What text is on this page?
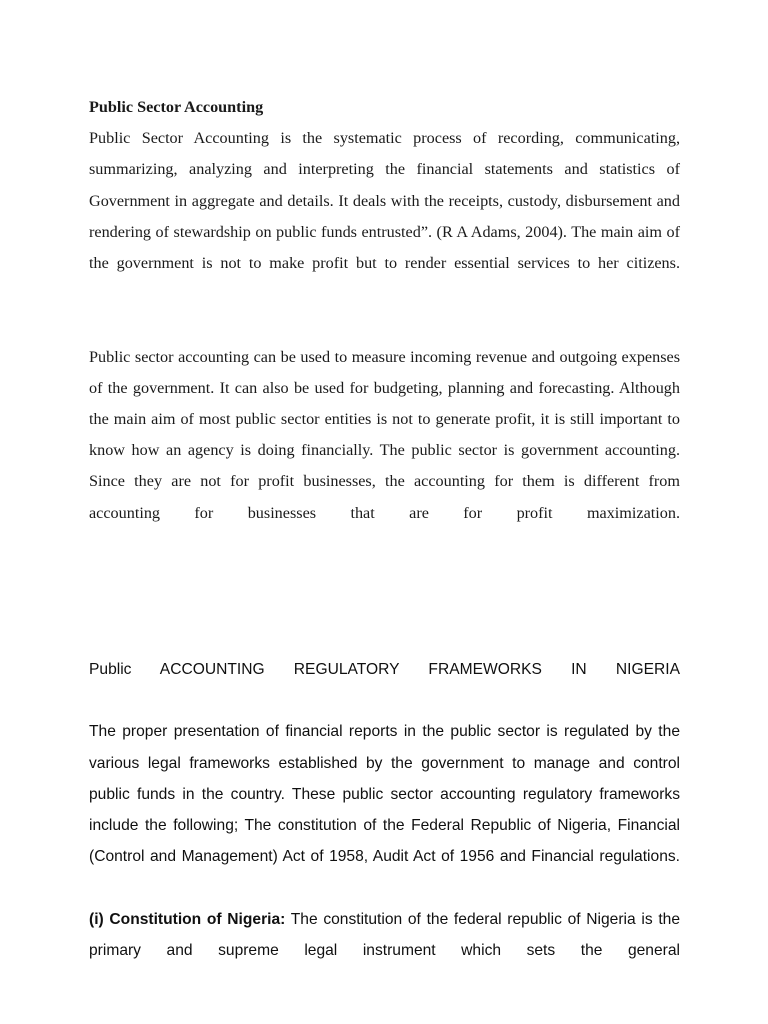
Public Sector Accounting

Public Sector Accounting is the systematic process of recording, communicating, summarizing, analyzing and interpreting the financial statements and statistics of Government in aggregate and details. It deals with the receipts, custody, disbursement and rendering of stewardship on public funds entrusted”. (R A Adams, 2004). The main aim of the government is not to make profit but to render essential services to her citizens.

Public sector accounting can be used to measure incoming revenue and outgoing expenses of the government. It can also be used for budgeting, planning and forecasting. Although the main aim of most public sector entities is not to generate profit, it is still important to know how an agency is doing financially. The public sector is government accounting. Since they are not for profit businesses, the accounting for them is different from accounting for businesses that are for profit maximization.

Public ACCOUNTING REGULATORY FRAMEWORKS IN NIGERIA

The proper presentation of financial reports in the public sector is regulated by the various legal frameworks established by the government to manage and control public funds in the country. These public sector accounting regulatory frameworks include the following; The constitution of the Federal Republic of Nigeria, Financial (Control and Management) Act of 1958, Audit Act of 1956 and Financial regulations.

(i) Constitution of Nigeria: The constitution of the federal republic of Nigeria is the primary and supreme legal instrument which sets the general
